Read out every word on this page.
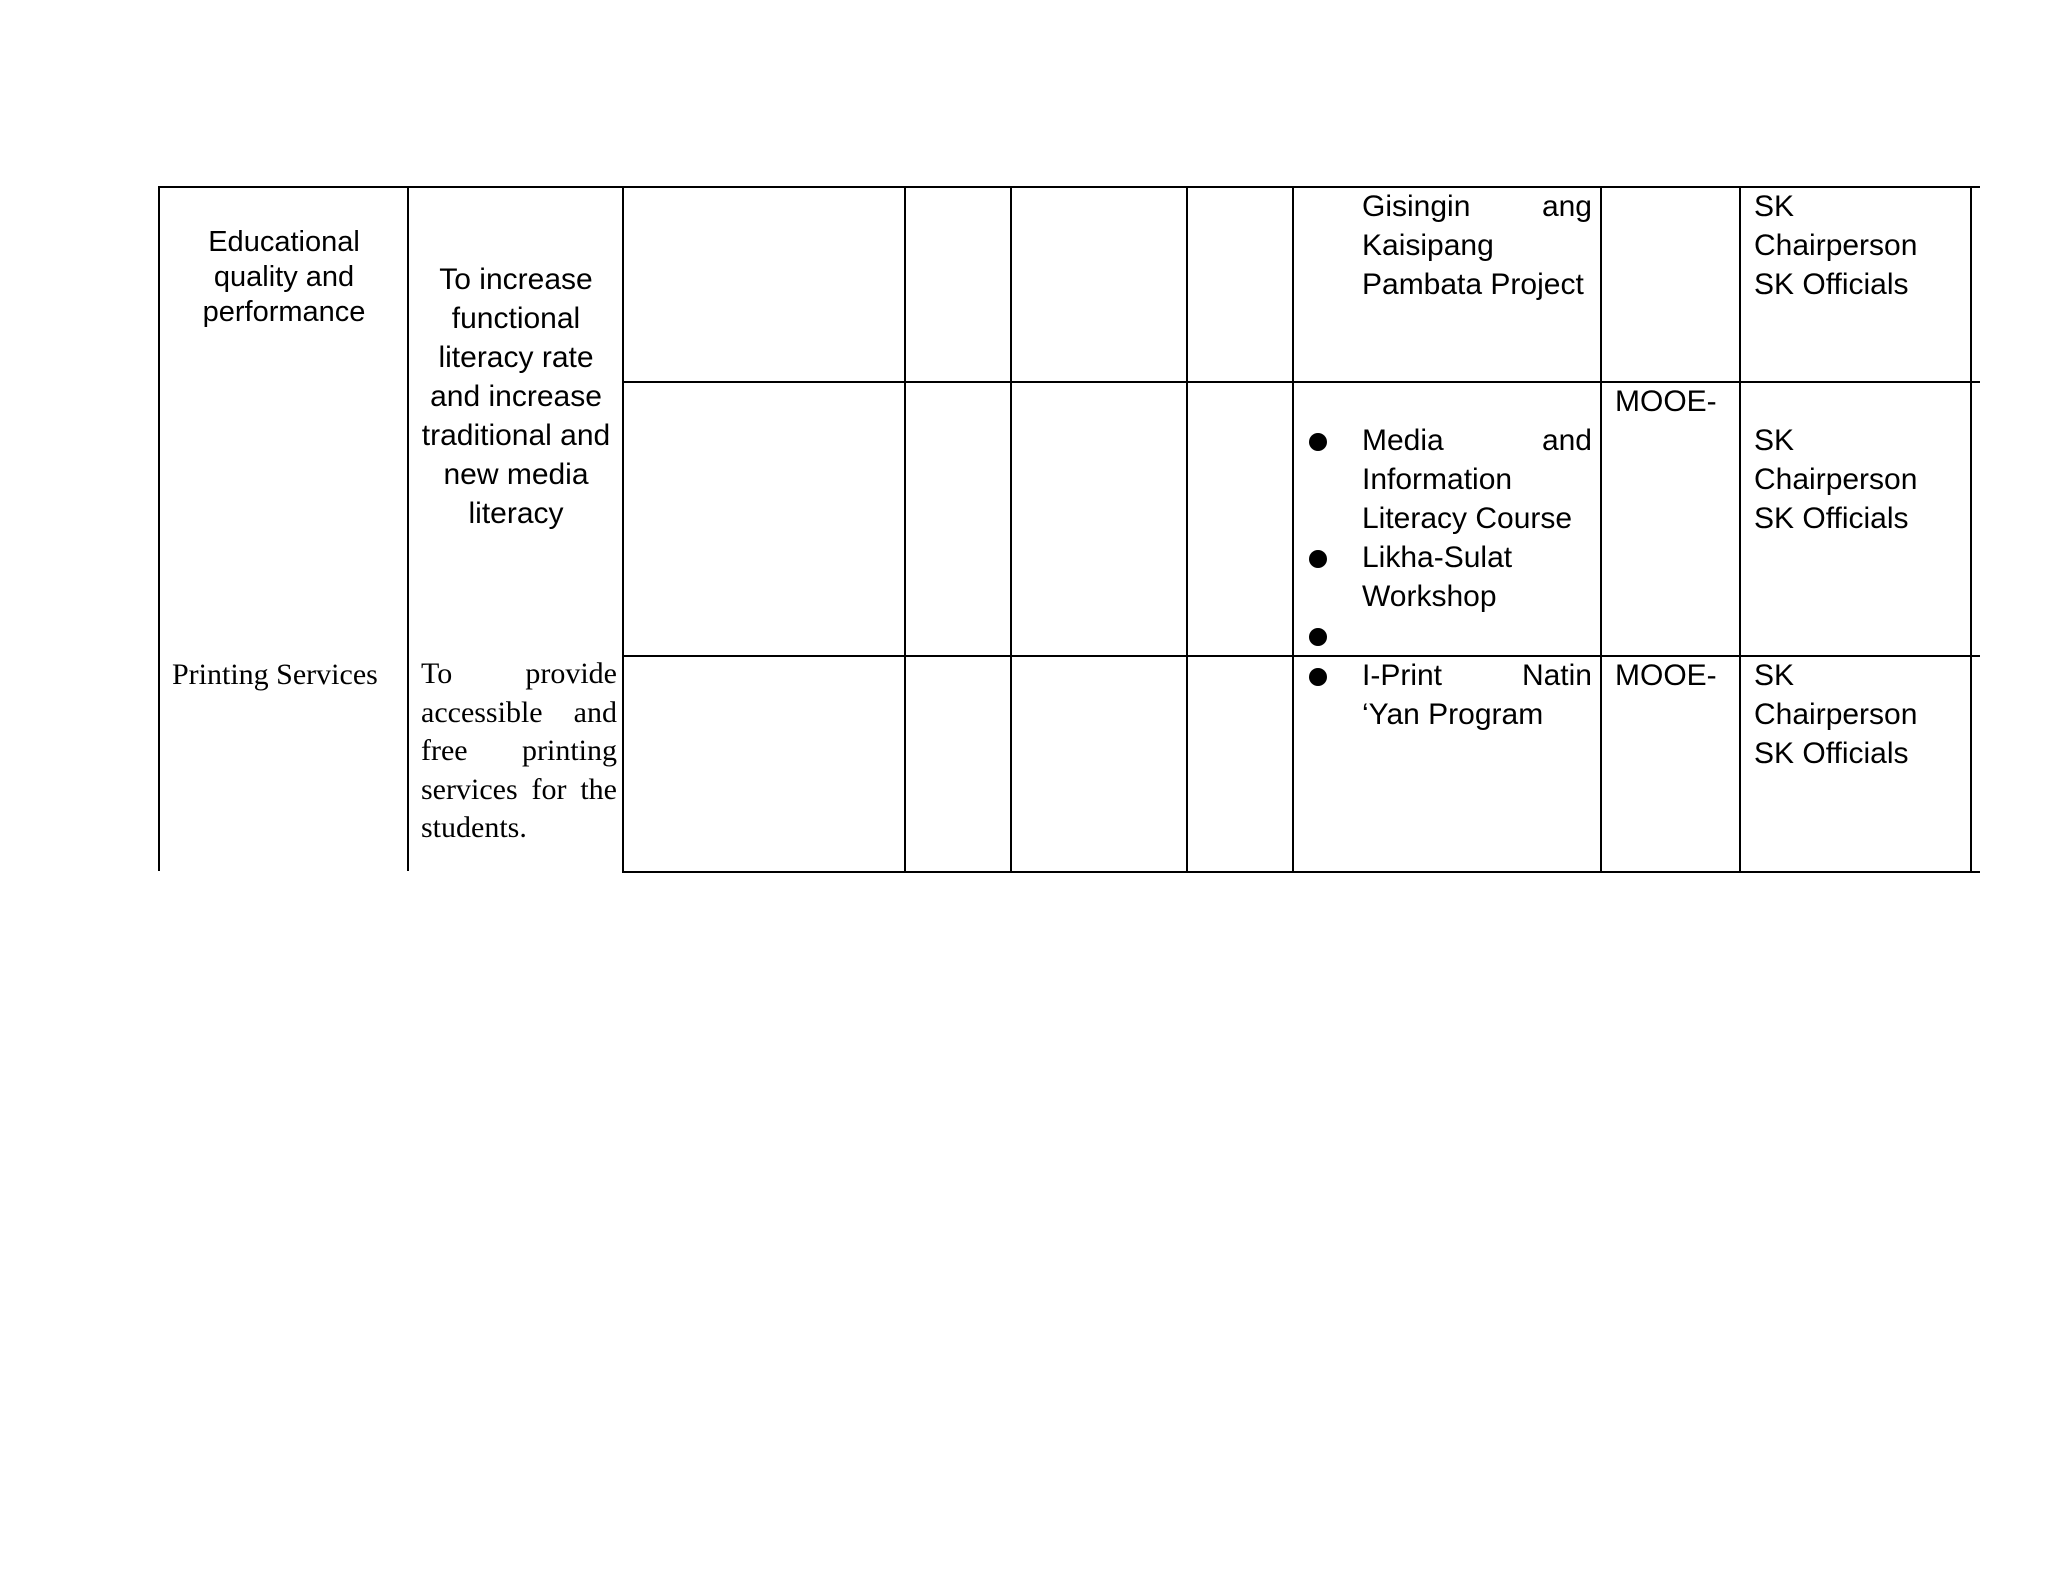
Educational quality and performance
Printing Services
To increase functional literacy rate and increase traditional and new media literacy
To provide accessible and free printing services for the students.
Gisingin ang
Kaisipang
Pambata Project
Media	and
Information
Literacy Course
Likha-Sulat
Workshop
I-Print	Natin
‘Yan Program
MOOE-
MOOE-
SK
Chairperson
SK Officials
SK
Chairperson
SK Officials
SK
Chairperson
SK Officials
